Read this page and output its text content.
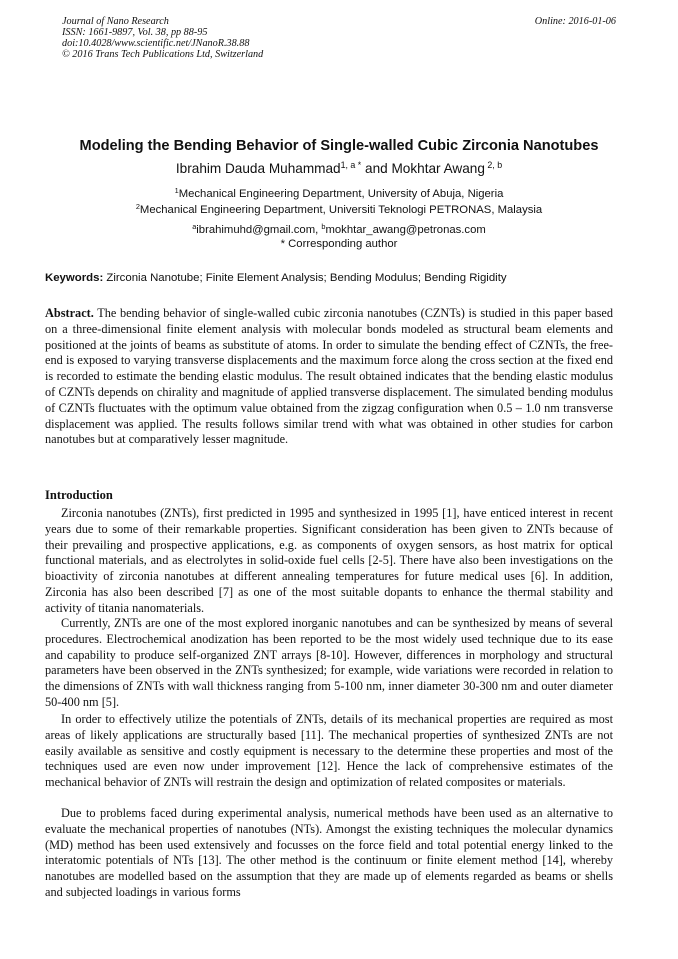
Journal of Nano Research
ISSN: 1661-9897, Vol. 38, pp 88-95
doi:10.4028/www.scientific.net/JNanoR.38.88
© 2016 Trans Tech Publications Ltd, Switzerland
Online: 2016-01-06
Modeling the Bending Behavior of Single-walled Cubic Zirconia Nanotubes
Ibrahim Dauda Muhammad$^{1, a *}$ and Mokhtar Awang $^{2, b}$
$^1$Mechanical Engineering Department, University of Abuja, Nigeria
$^2$Mechanical Engineering Department, Universiti Teknologi PETRONAS, Malaysia
$^a$ibrahimuhd@gmail.com, $^b$mokhtar_awang@petronas.com
* Corresponding author
Keywords: Zirconia Nanotube; Finite Element Analysis; Bending Modulus; Bending Rigidity
Abstract. The bending behavior of single-walled cubic zirconia nanotubes (CZNTs) is studied in this paper based on a three-dimensional finite element analysis with molecular bonds modeled as structural beam elements and positioned at the joints of beams as substitute of atoms. In order to simulate the bending effect of CZNTs, the free-end is exposed to varying transverse displacements and the maximum force along the cross section at the fixed end is recorded to estimate the bending elastic modulus. The result obtained indicates that the bending elastic modulus of CZNTs depends on chirality and magnitude of applied transverse displacement. The simulated bending modulus of CZNTs fluctuates with the optimum value obtained from the zigzag configuration when 0.5 – 1.0 nm transverse displacement was applied. The results follows similar trend with what was obtained in other studies for carbon nanotubes but at comparatively lesser magnitude.
Introduction
Zirconia nanotubes (ZNTs), first predicted in 1995 and synthesized in 1995 [1], have enticed interest in recent years due to some of their remarkable properties. Significant consideration has been given to ZNTs because of their prevailing and prospective applications, e.g. as components of oxygen sensors, as host matrix for optical functional materials, and as electrolytes in solid-oxide fuel cells [2-5]. There have also been investigations on the bioactivity of zirconia nanotubes at different annealing temperatures for future medical uses [6]. In addition, Zirconia has also been described [7] as one of the most suitable dopants to enhance the thermal stability and activity of titania nanomaterials.
Currently, ZNTs are one of the most explored inorganic nanotubes and can be synthesized by means of several procedures. Electrochemical anodization has been reported to be the most widely used technique due to its ease and capability to produce self-organized ZNT arrays [8-10]. However, differences in morphology and structural parameters have been observed in the ZNTs synthesized; for example, wide variations were recorded in relation to the dimensions of ZNTs with wall thickness ranging from 5-100 nm, inner diameter 30-300 nm and outer diameter 50-400 nm [5].
In order to effectively utilize the potentials of ZNTs, details of its mechanical properties are required as most areas of likely applications are structurally based [11]. The mechanical properties of synthesized ZNTs are not easily available as sensitive and costly equipment is necessary to the determine these properties and most of the techniques used are even now under improvement [12]. Hence the lack of comprehensive estimates of the mechanical behavior of ZNTs will restrain the design and optimization of related composites or materials.
Due to problems faced during experimental analysis, numerical methods have been used as an alternative to evaluate the mechanical properties of nanotubes (NTs). Amongst the existing techniques the molecular dynamics (MD) method has been used extensively and focusses on the force field and total potential energy linked to the interatomic potentials of NTs [13]. The other method is the continuum or finite element method [14], whereby nanotubes are modelled based on the assumption that they are made up of elements regarded as beams or shells and subjected loadings in various forms
